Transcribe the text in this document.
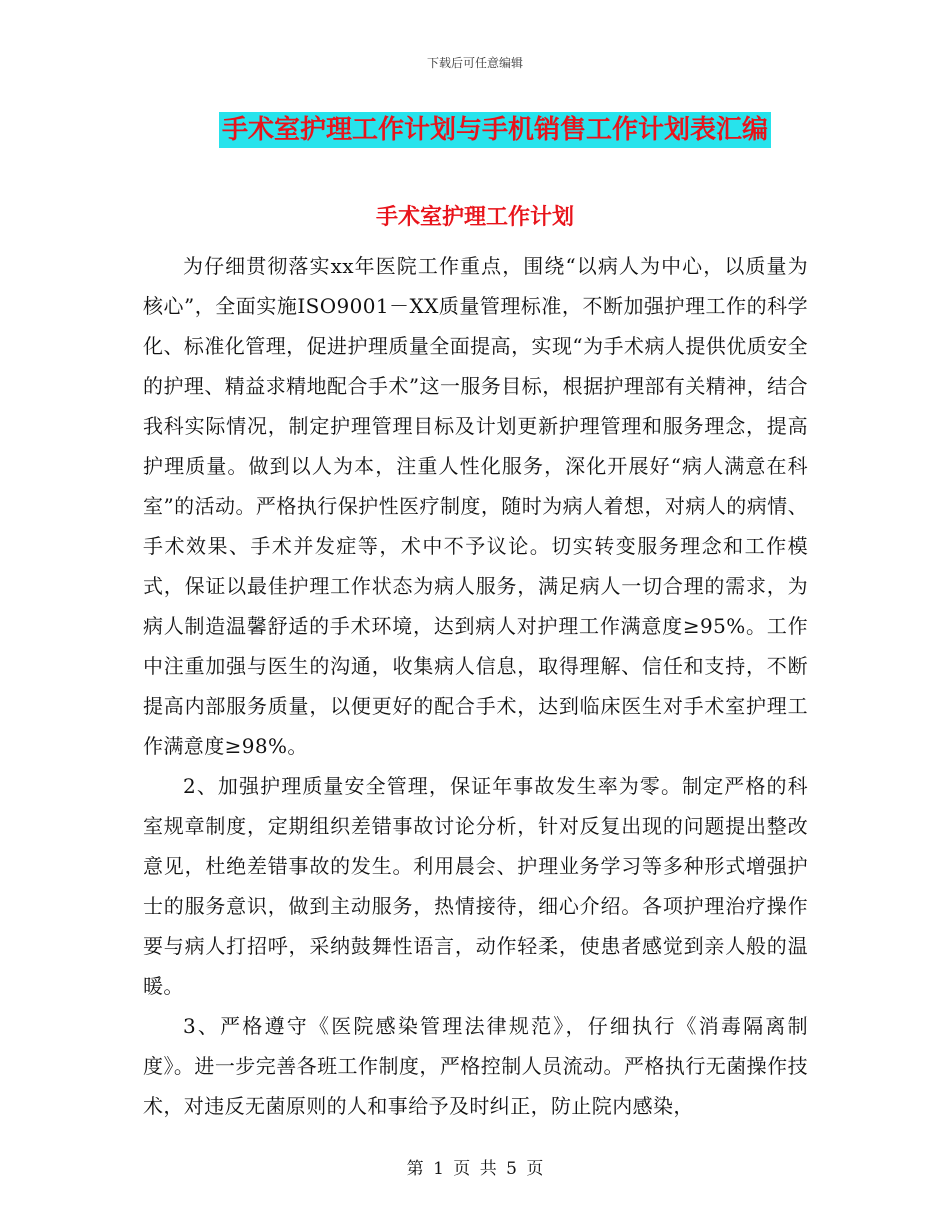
下载后可任意编辑
手术室护理工作计划与手机销售工作计划表汇编
手术室护理工作计划

为仔细贯彻落实xx年医院工作重点，围绕“以病人为中心，以质量为核心”，全面实施ISO9001－XX质量管理标准，不断加强护理工作的科学化、标准化管理，促进护理质量全面提高，实现“为手术病人提供优质安全的护理、精益求精地配合手术”这一服务目标，根据护理部有关精神，结合我科实际情况，制定护理管理目标及计划更新护理管理和服务理念，提高护理质量。做到以人为本，注重人性化服务，深化开展好“病人满意在科室”的活动。严格执行保护性医疗制度，随时为病人着想，对病人的病情、手术效果、手术并发症等，术中不予议论。切实转变服务理念和工作模式，保证以最佳护理工作状态为病人服务，满足病人一切合理的需求，为病人制造温馨舒适的手术环境，达到病人对护理工作满意度≥95%。工作中注重加强与医生的沟通，收集病人信息，取得理解、信任和支持，不断提高内部服务质量，以便更好的配合手术，达到临床医生对手术室护理工作满意度≥98%。

2、加强护理质量安全管理，保证年事故发生率为零。制定严格的科室规章制度，定期组织差错事故讨论分析，针对反复出现的问题提出整改意见，杜绝差错事故的发生。利用晨会、护理业务学习等多种形式增强护士的服务意识，做到主动服务，热情接待，细心介绍。各项护理治疗操作要与病人打招呼，采纳鼓舞性语言，动作轻柔，使患者感觉到亲人般的温暖。

3、严格遵守《医院感染管理法律规范》，仔细执行《消毒隔离制度》。进一步完善各班工作制度，严格控制人员流动。严格执行无菌操作技术，对违反无菌原则的人和事给予及时纠正，防止院内感染，

第 1 页 共 5 页
